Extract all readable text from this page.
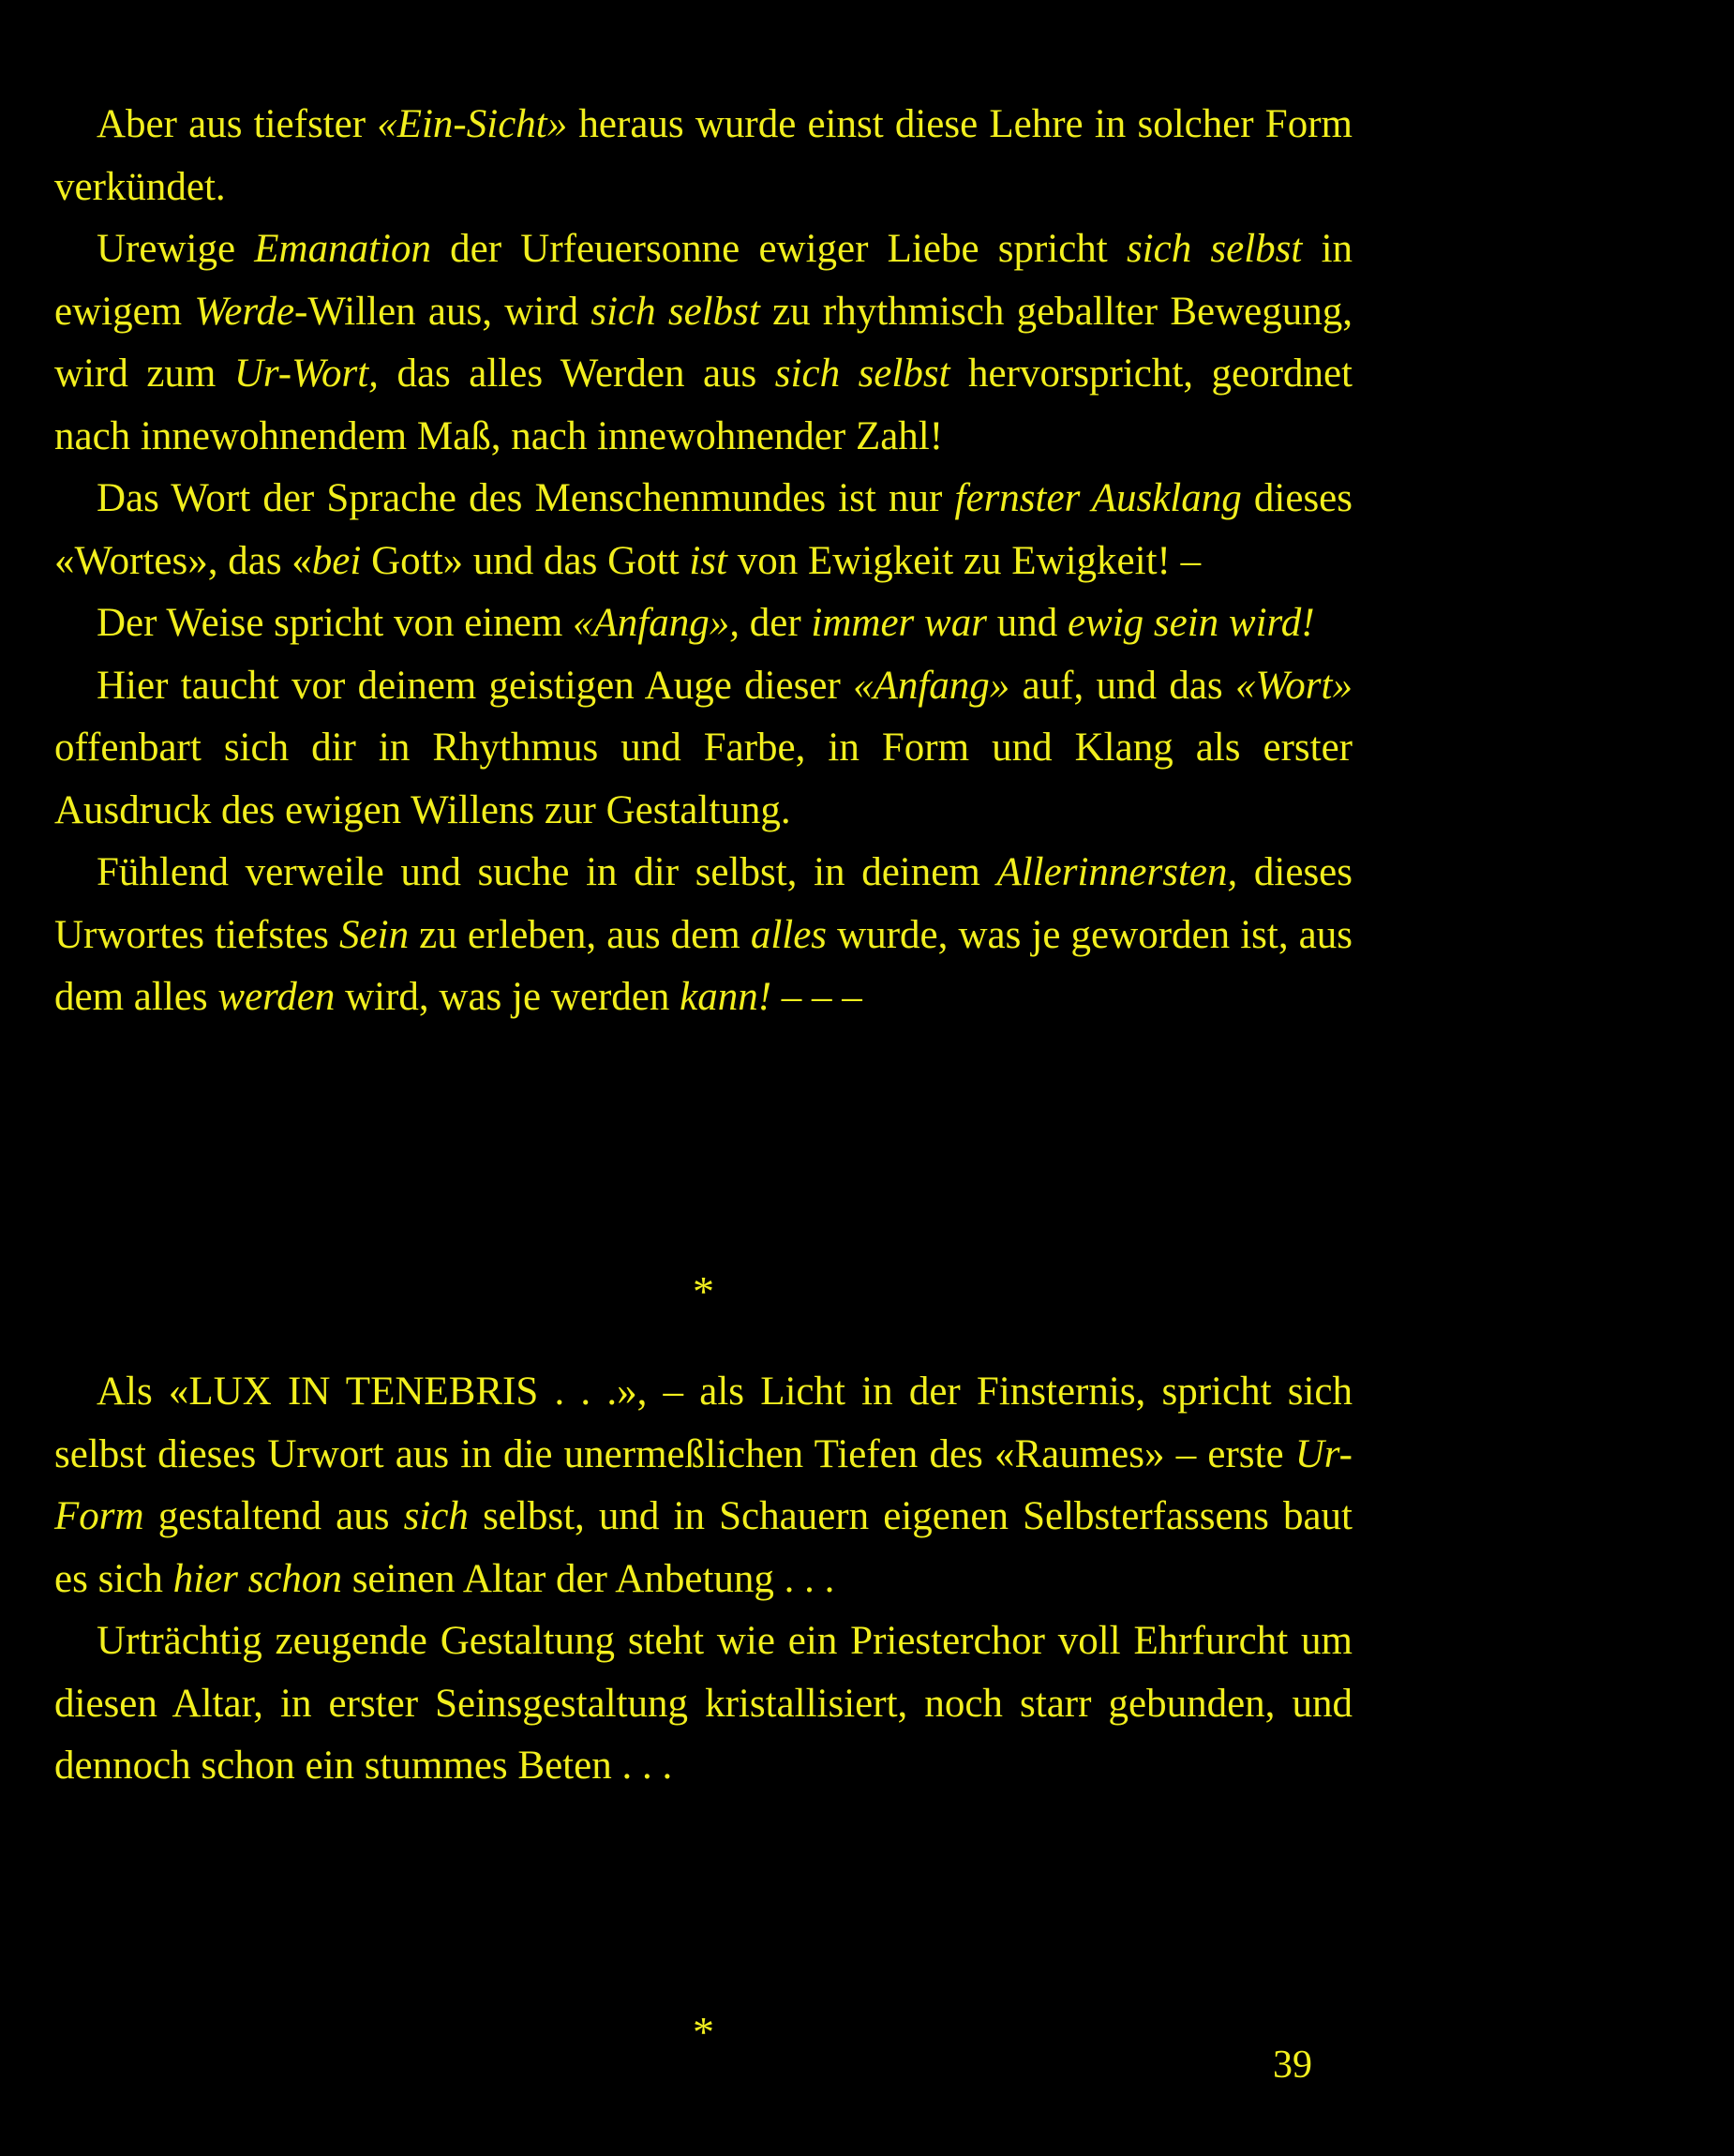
Aber aus tiefster «Ein-Sicht» heraus wurde einst diese Lehre in solcher Form verkündet.

Urewige Emanation der Urfeuersonne ewiger Liebe spricht sich selbst in ewigem Werde-Willen aus, wird sich selbst zu rhythmisch geballter Bewegung, wird zum Ur-Wort, das alles Werden aus sich selbst hervorspricht, geordnet nach innewohnendem Maß, nach innewohnender Zahl!

Das Wort der Sprache des Menschenmundes ist nur fernster Ausklang dieses «Wortes», das «bei Gott» und das Gott ist von Ewigkeit zu Ewigkeit! –

Der Weise spricht von einem «Anfang», der immer war und ewig sein wird!

Hier taucht vor deinem geistigen Auge dieser «Anfang» auf, und das «Wort» offenbart sich dir in Rhythmus und Farbe, in Form und Klang als erster Ausdruck des ewigen Willens zur Gestaltung.

Fühlend verweile und suche in dir selbst, in deinem Allerinnersten, dieses Urwortes tiefstes Sein zu erleben, aus dem alles wurde, was je geworden ist, aus dem alles werden wird, was je werden kann! – – –

*

Als «LUX IN TENEBRIS . . .», – als Licht in der Finsternis, spricht sich selbst dieses Urwort aus in die unermeßlichen Tiefen des «Raumes» – erste Ur-Form gestaltend aus sich selbst, und in Schauern eigenen Selbsterfassens baut es sich hier schon seinen Altar der Anbetung . . .

Urträchtig zeugende Gestaltung steht wie ein Priesterchor voll Ehrfurcht um diesen Altar, in erster Seinsgestaltung kristallisiert, noch starr gebunden, und dennoch schon ein stummes Beten . . .

*
39
